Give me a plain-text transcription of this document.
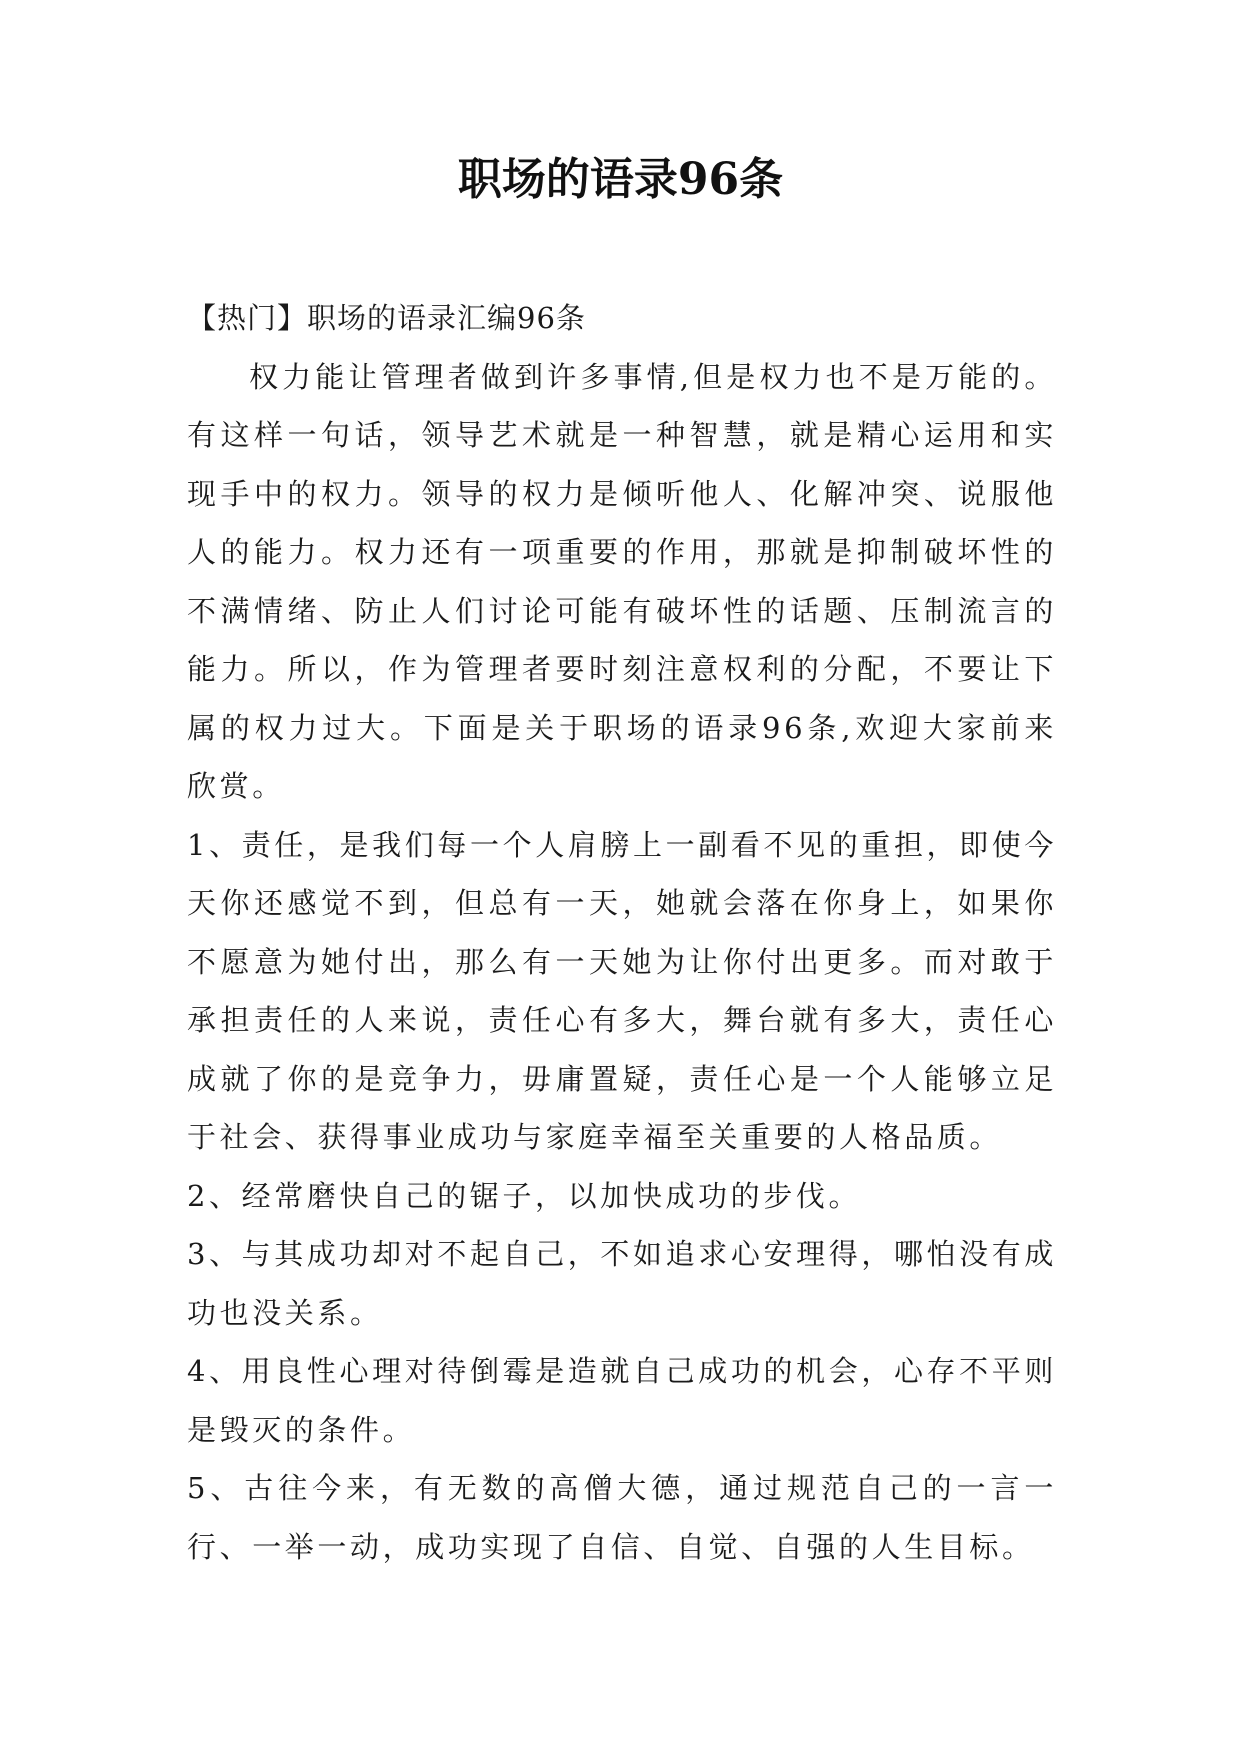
职场的语录96条

【热门】职场的语录汇编96条

权力能让管理者做到许多事情,但是权力也不是万能的。有这样一句话，领导艺术就是一种智慧，就是精心运用和实现手中的权力。领导的权力是倾听他人、化解冲突、说服他人的能力。权力还有一项重要的作用，那就是抑制破坏性的不满情绪、防止人们讨论可能有破坏性的话题、压制流言的能力。所以，作为管理者要时刻注意权利的分配，不要让下属的权力过大。下面是关于职场的语录96条,欢迎大家前来欣赏。

1、责任，是我们每一个人肩膀上一副看不见的重担，即使今天你还感觉不到，但总有一天，她就会落在你身上，如果你不愿意为她付出，那么有一天她为让你付出更多。而对敢于承担责任的人来说，责任心有多大，舞台就有多大，责任心成就了你的是竞争力，毋庸置疑，责任心是一个人能够立足于社会、获得事业成功与家庭幸福至关重要的人格品质。

2、经常磨快自己的锯子，以加快成功的步伐。

3、与其成功却对不起自己，不如追求心安理得，哪怕没有成功也没关系。

4、用良性心理对待倒霉是造就自己成功的机会，心存不平则是毁灭的条件。

5、古往今来，有无数的高僧大德，通过规范自己的一言一行、一举一动，成功实现了自信、自觉、自强的人生目标。
